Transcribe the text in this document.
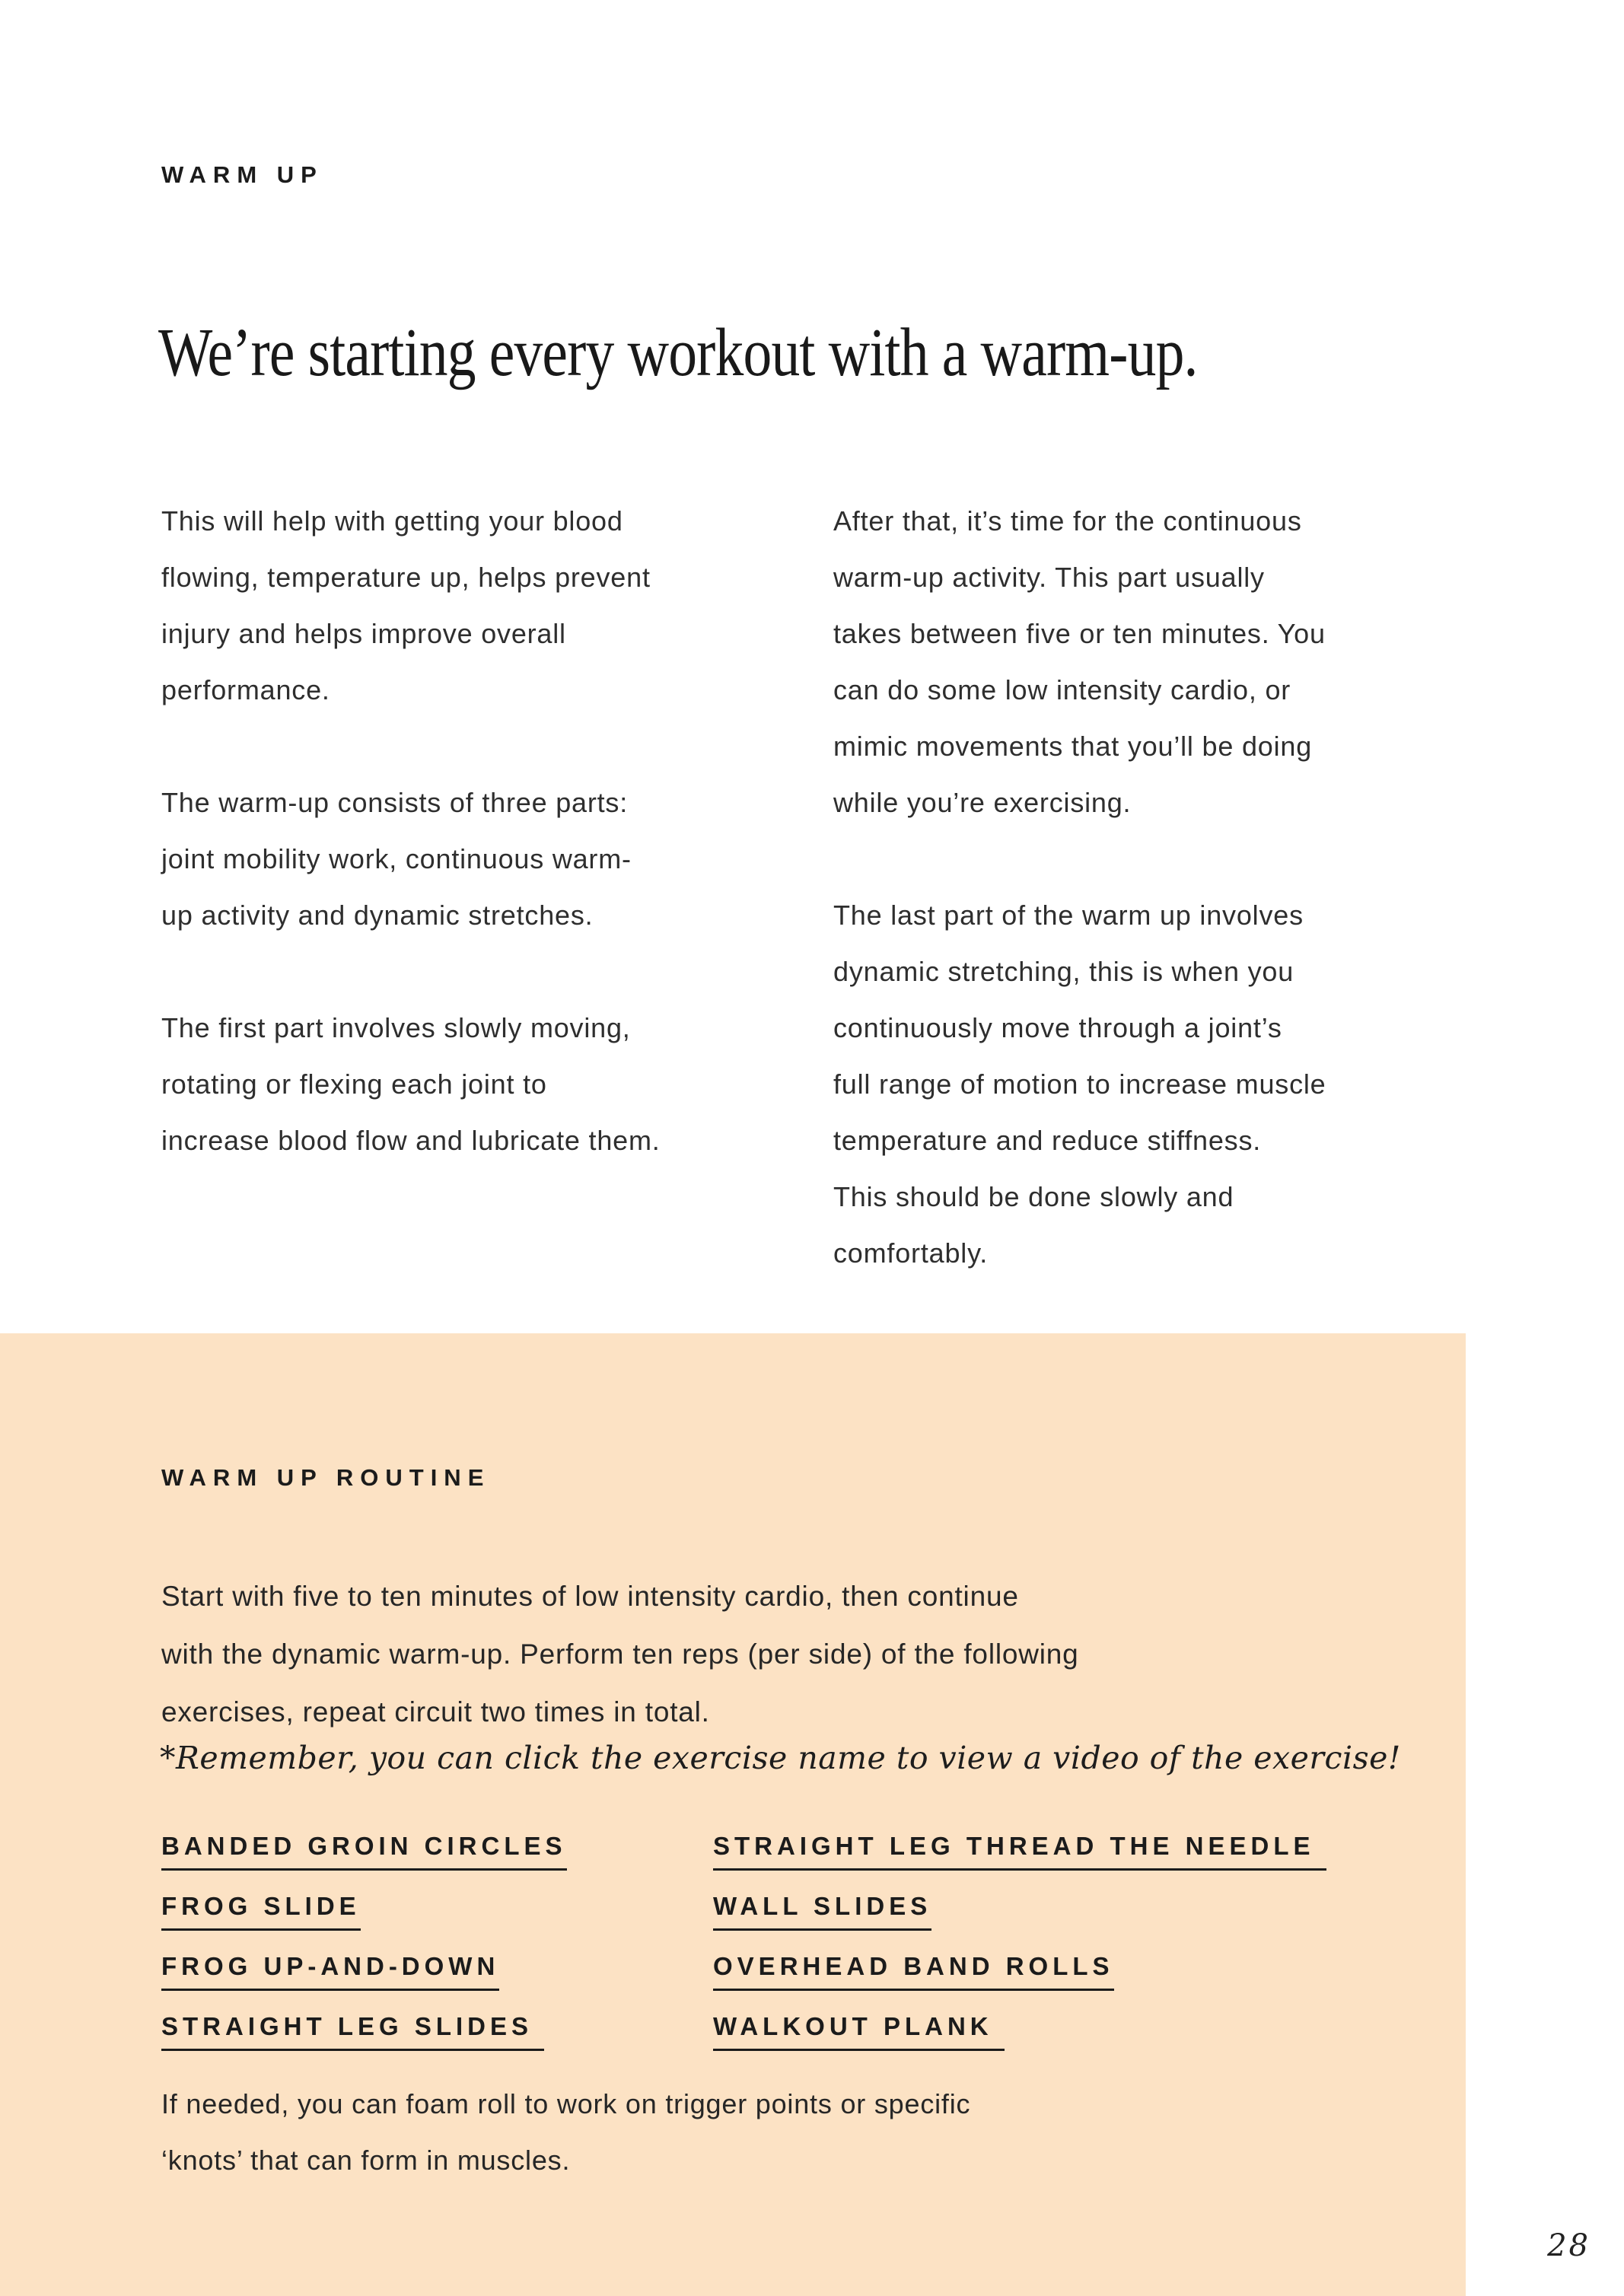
WARM UP
We’re starting every workout with a warm-up.
This will help with getting your blood
flowing, temperature up, helps prevent
injury and helps improve overall
performance.
The warm-up consists of three parts:
joint mobility work, continuous warm-
up activity and dynamic stretches.
The first part involves slowly moving,
rotating or flexing each joint to
increase blood flow and lubricate them.
After that, it’s time for the continuous
warm-up activity. This part usually
takes between five or ten minutes. You
can do some low intensity cardio, or
mimic movements that you’ll be doing
while you’re exercising.
The last part of the warm up involves
dynamic stretching, this is when you
continuously move through a joint’s
full range of motion to increase muscle
temperature and reduce stiffness.
This should be done slowly and
comfortably.
WARM UP ROUTINE
Start with five to ten minutes of low intensity cardio, then continue
with the dynamic warm-up. Perform ten reps (per side) of the following
exercises, repeat circuit two times in total.
*Remember, you can click the exercise name to view a video of the exercise!
BANDED GROIN CIRCLES
FROG SLIDE
FROG UP-AND-DOWN
STRAIGHT LEG SLIDES
STRAIGHT LEG THREAD THE NEEDLE
WALL SLIDES
OVERHEAD BAND ROLLS
WALKOUT PLANK
If needed, you can foam roll to work on trigger points or specific
‘knots’ that can form in muscles.
28
